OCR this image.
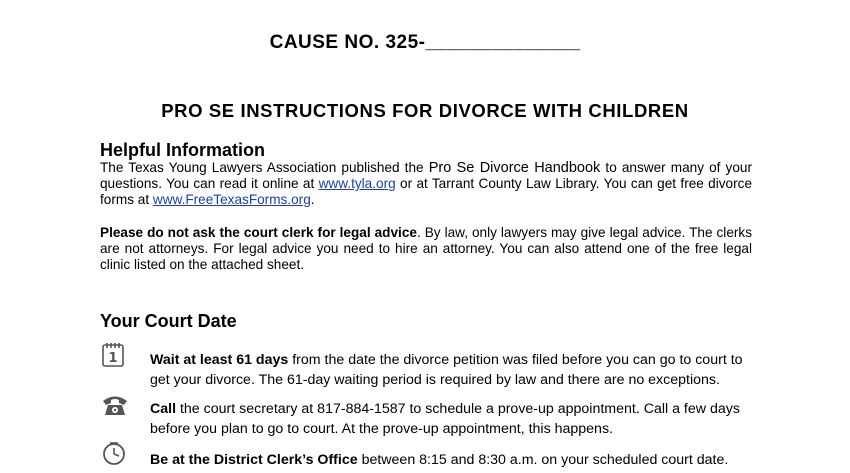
CAUSE NO. 325-______________
PRO SE INSTRUCTIONS FOR DIVORCE WITH CHILDREN
Helpful Information
The Texas Young Lawyers Association published the Pro Se Divorce Handbook to answer many of your questions. You can read it online at www.tyla.org or at Tarrant County Law Library. You can get free divorce forms at www.FreeTexasForms.org.
Please do not ask the court clerk for legal advice. By law, only lawyers may give legal advice. The clerks are not attorneys. For legal advice you need to hire an attorney. You can also attend one of the free legal clinic listed on the attached sheet.
Your Court Date
1 Wait at least 61 days from the date the divorce petition was filed before you can go to court to get your divorce. The 61-day waiting period is required by law and there are no exceptions.
Call the court secretary at 817-884-1587 to schedule a prove-up appointment. Call a few days before you plan to go to court. At the prove-up appointment, this happens.
Be at the District Clerk’s Office between 8:15 and 8:30 a.m. on your scheduled court date.
